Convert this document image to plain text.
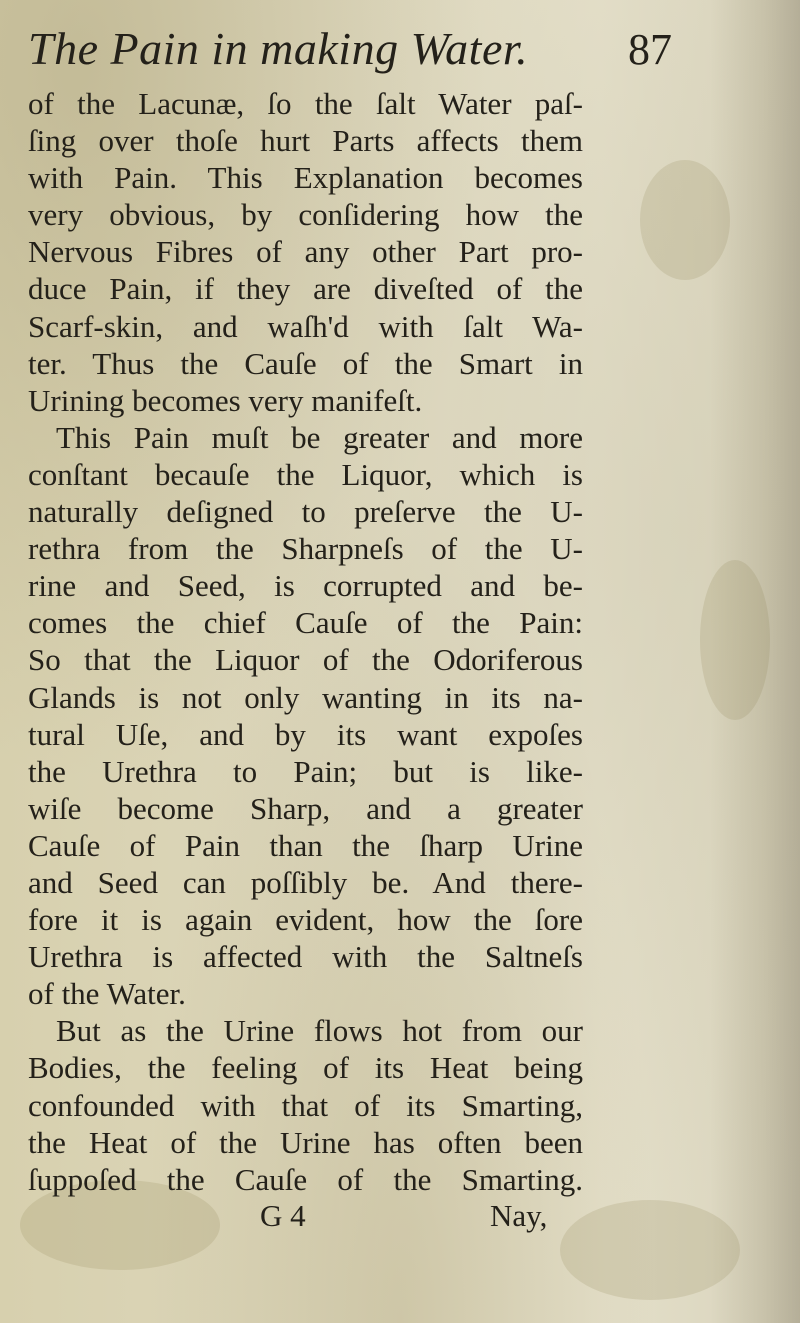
The Pain in making Water. 87
of the Lacunæ, ſo the ſalt Water paſ-
ſing over thoſe hurt Parts affects them
with Pain. This Explanation becomes
very obvious, by conſidering how the
Nervous Fibres of any other Part pro-
duce Pain, if they are diveſted of the
Scarf-skin, and waſh'd with ſalt Wa-
ter. Thus the Cauſe of the Smart in
Urining becomes very manifeſt.
This Pain muſt be greater and more
conſtant becauſe the Liquor, which is
naturally deſigned to preſerve the U-
rethra from the Sharpneſs of the U-
rine and Seed, is corrupted and be-
comes the chief Cauſe of the Pain:
So that the Liquor of the Odoriferous
Glands is not only wanting in its na-
tural Uſe, and by its want expoſes
the Urethra to Pain; but is like-
wiſe become Sharp, and a greater
Cauſe of Pain than the ſharp Urine
and Seed can poſſibly be. And there-
fore it is again evident, how the ſore
Urethra is affected with the Saltneſs
of the Water.
But as the Urine flows hot from our
Bodies, the feeling of its Heat being
confounded with that of its Smarting,
the Heat of the Urine has often been
ſuppoſed the Cauſe of the Smarting.
G 4	Nay,
